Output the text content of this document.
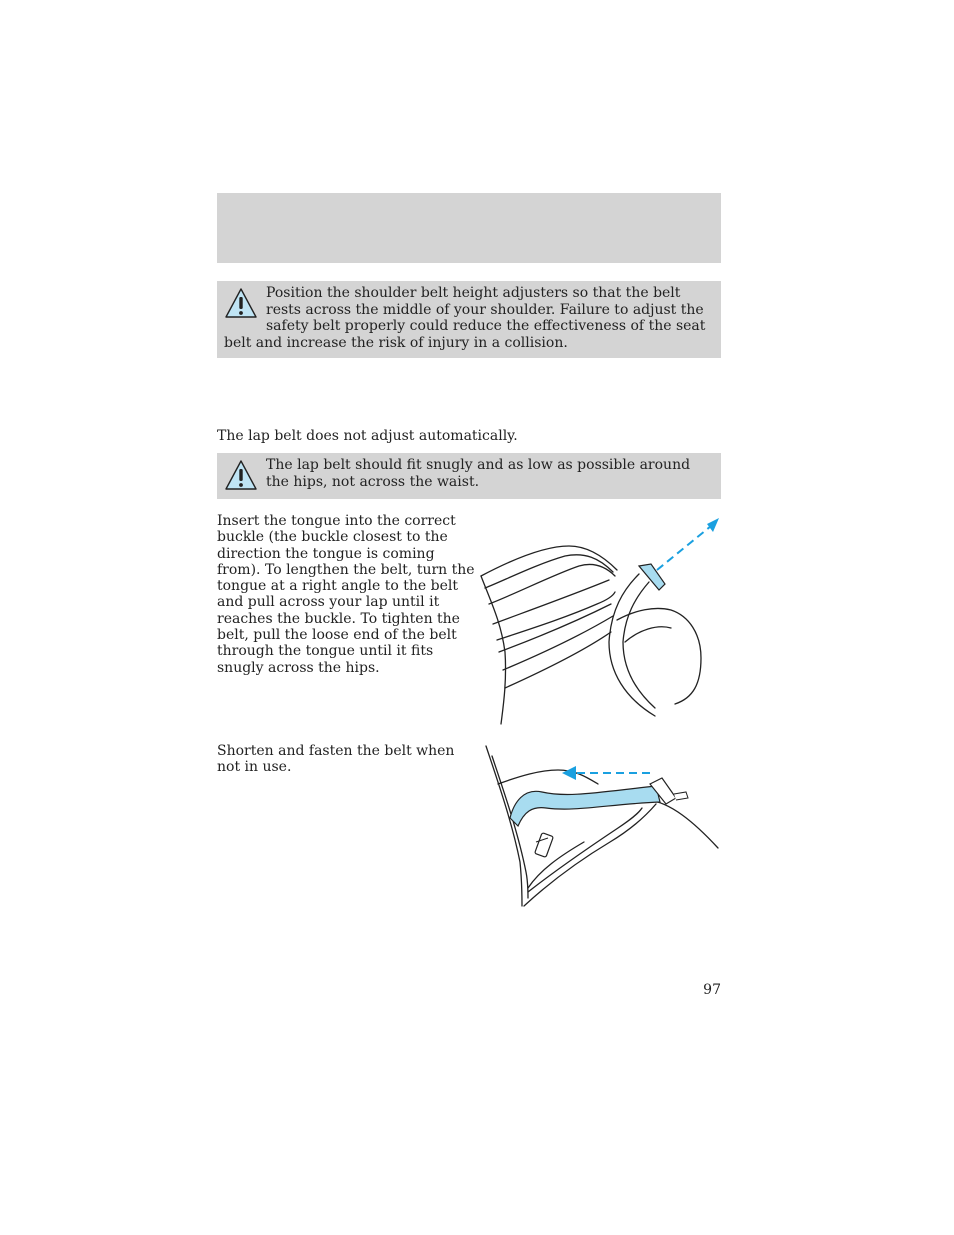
Position the shoulder belt height adjusters so that the belt rests across the middle of your shoulder. Failure to adjust the safety belt properly could reduce the effectiveness of the seat belt and increase the risk of injury in a collision.

The lap belt does not adjust automatically.

The lap belt should fit snugly and as low as possible around the hips, not across the waist.

Insert the tongue into the correct buckle (the buckle closest to the direction the tongue is coming from). To lengthen the belt, turn the tongue at a right angle to the belt and pull across your lap until it reaches the buckle. To tighten the belt, pull the loose end of the belt through the tongue until it fits snugly across the hips.

Shorten and fasten the belt when not in use.

97
